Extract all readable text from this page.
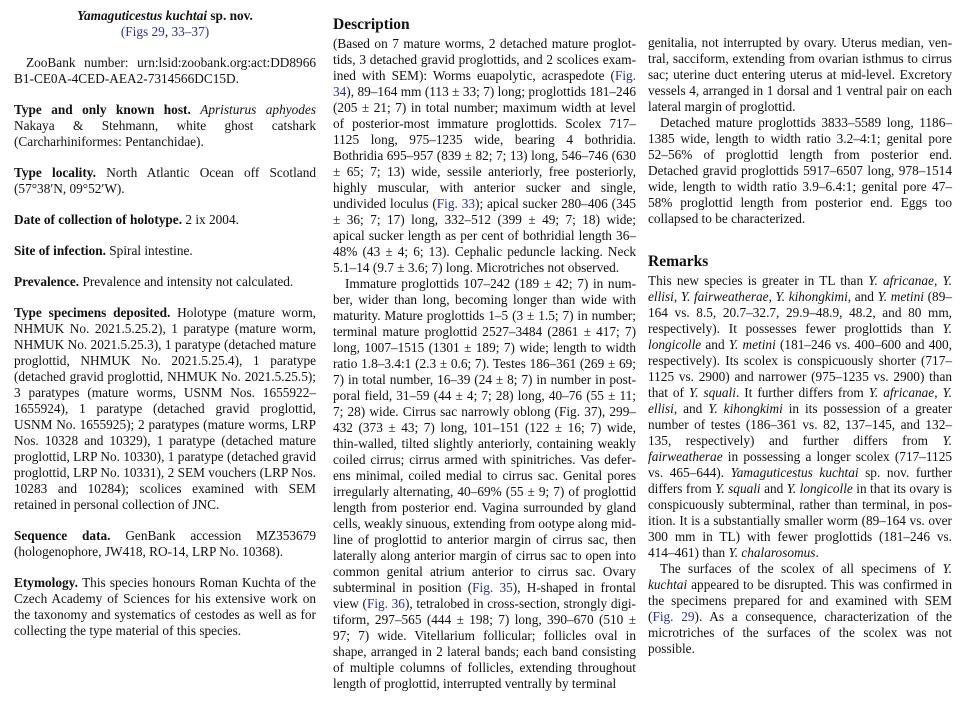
Yamaguticestus kuchtai sp. nov.

(Figs 29, 33–37)

ZooBank number: urn:lsid:zoobank.org:act:DD8966 B1-CE0A-4CED-AEA2-7314566DC15D.

Type and only known host. Apristurus aphyodes Nakaya & Stehmann, white ghost catshark (Carcharhiniformes: Pentanchidae).

Type locality. North Atlantic Ocean off Scotland (57°38′N, 09°52′W).

Date of collection of holotype. 2 ix 2004.

Site of infection. Spiral intestine.

Prevalence. Prevalence and intensity not calculated.

Type specimens deposited. Holotype (mature worm, NHMUK No. 2021.5.25.2), 1 paratype (mature worm, NHMUK No. 2021.5.25.3), 1 paratype (detached mature proglottid, NHMUK No. 2021.5.25.4), 1 paratype (detached gravid proglottid, NHMUK No. 2021.5.25.5); 3 paratypes (mature worms, USNM Nos. 1655922–1655924), 1 paratype (detached gravid proglottid, USNM No. 1655925); 2 paratypes (mature worms, LRP Nos. 10328 and 10329), 1 paratype (detached mature proglottid, LRP No. 10330), 1 paratype (detached gravid proglottid, LRP No. 10331), 2 SEM vouchers (LRP Nos. 10283 and 10284); scolices examined with SEM retained in personal collection of JNC.

Sequence data. GenBank accession MZ353679 (hologenophore, JW418, RO-14, LRP No. 10368).

Etymology. This species honours Roman Kuchta of the Czech Academy of Sciences for his extensive work on the taxonomy and systematics of cestodes as well as for collecting the type material of this species.

Description

(Based on 7 mature worms, 2 detached mature proglottids, 3 detached gravid proglottids, and 2 scolices examined with SEM): Worms euapolytic, acraspedote (Fig. 34), 89–164 mm (113 ± 33; 7) long; proglottids 181–246 (205 ± 21; 7) in total number; maximum width at level of posterior-most immature proglottids. Scolex 717–1125 long, 975–1235 wide, bearing 4 bothridia. Bothridia 695–957 (839 ± 82; 7; 13) long, 546–746 (630 ± 65; 7; 13) wide, sessile anteriorly, free posteriorly, highly muscular, with anterior sucker and single, undivided loculus (Fig. 33); apical sucker 280–406 (345 ± 36; 7; 17) long, 332–512 (399 ± 49; 7; 18) wide; apical sucker length as per cent of bothridial length 36–48% (43 ± 4; 6; 13). Cephalic peduncle lacking. Neck 5.1–14 (9.7 ± 3.6; 7) long. Microtriches not observed.

Immature proglottids 107–242 (189 ± 42; 7) in number, wider than long, becoming longer than wide with maturity. Mature proglottids 1–5 (3 ± 1.5; 7) in number; terminal mature proglottid 2527–3484 (2861 ± 417; 7) long, 1007–1515 (1301 ± 189; 7) wide; length to width ratio 1.8–3.4:1 (2.3 ± 0.6; 7). Testes 186–361 (269 ± 69; 7) in total number, 16–39 (24 ± 8; 7) in number in postporal field, 31–59 (44 ± 4; 7; 28) long, 40–76 (55 ± 11; 7; 28) wide. Cirrus sac narrowly oblong (Fig. 37), 299–432 (373 ± 43; 7) long, 101–151 (122 ± 16; 7) wide, thin-walled, tilted slightly anteriorly, containing weakly coiled cirrus; cirrus armed with spinitriches. Vas deferens minimal, coiled medial to cirrus sac. Genital pores irregularly alternating, 40–69% (55 ± 9; 7) of proglottid length from posterior end. Vagina surrounded by gland cells, weakly sinuous, extending from ootype along midline of proglottid to anterior margin of cirrus sac, then laterally along anterior margin of cirrus sac to open into common genital atrium anterior to cirrus sac. Ovary subterminal in position (Fig. 35), H-shaped in frontal view (Fig. 36), tetralobed in cross-section, strongly digitiform, 297–565 (444 ± 198; 7) long, 390–670 (510 ± 97; 7) wide. Vitellarium follicular; follicles oval in shape, arranged in 2 lateral bands; each band consisting of multiple columns of follicles, extending throughout length of proglottid, interrupted ventrally by terminal

genitalia, not interrupted by ovary. Uterus median, ventral, sacciform, extending from ovarian isthmus to cirrus sac; uterine duct entering uterus at mid-level. Excretory vessels 4, arranged in 1 dorsal and 1 ventral pair on each lateral margin of proglottid.

Detached mature proglottids 3833–5589 long, 1186–1385 wide, length to width ratio 3.2–4:1; genital pore 52–56% of proglottid length from posterior end. Detached gravid proglottids 5917–6507 long, 978–1514 wide, length to width ratio 3.9–6.4:1; genital pore 47–58% proglottid length from posterior end. Eggs too collapsed to be characterized.

Remarks

This new species is greater in TL than Y. africanae, Y. ellisi, Y. fairweatherae, Y. kihongkimi, and Y. metini (89–164 vs. 8.5, 20.7–32.7, 29.9–48.9, 48.2, and 80 mm, respectively). It possesses fewer proglottids than Y. longicolle and Y. metini (181–246 vs. 400–600 and 400, respectively). Its scolex is conspicuously shorter (717–1125 vs. 2900) and narrower (975–1235 vs. 2900) than that of Y. squali. It further differs from Y. africanae, Y. ellisi, and Y. kihongkimi in its possession of a greater number of testes (186–361 vs. 82, 137–145, and 132–135, respectively) and further differs from Y. fairweatherae in possessing a longer scolex (717–1125 vs. 465–644). Yamaguticestus kuchtai sp. nov. further differs from Y. squali and Y. longicolle in that its ovary is conspicuously subterminal, rather than terminal, in position. It is a substantially smaller worm (89–164 vs. over 300 mm in TL) with fewer proglottids (181–246 vs. 414–461) than Y. chalarosomus.

The surfaces of the scolex of all specimens of Y. kuchtai appeared to be disrupted. This was confirmed in the specimens prepared for and examined with SEM (Fig. 29). As a consequence, characterization of the microtriches of the surfaces of the scolex was not possible.
